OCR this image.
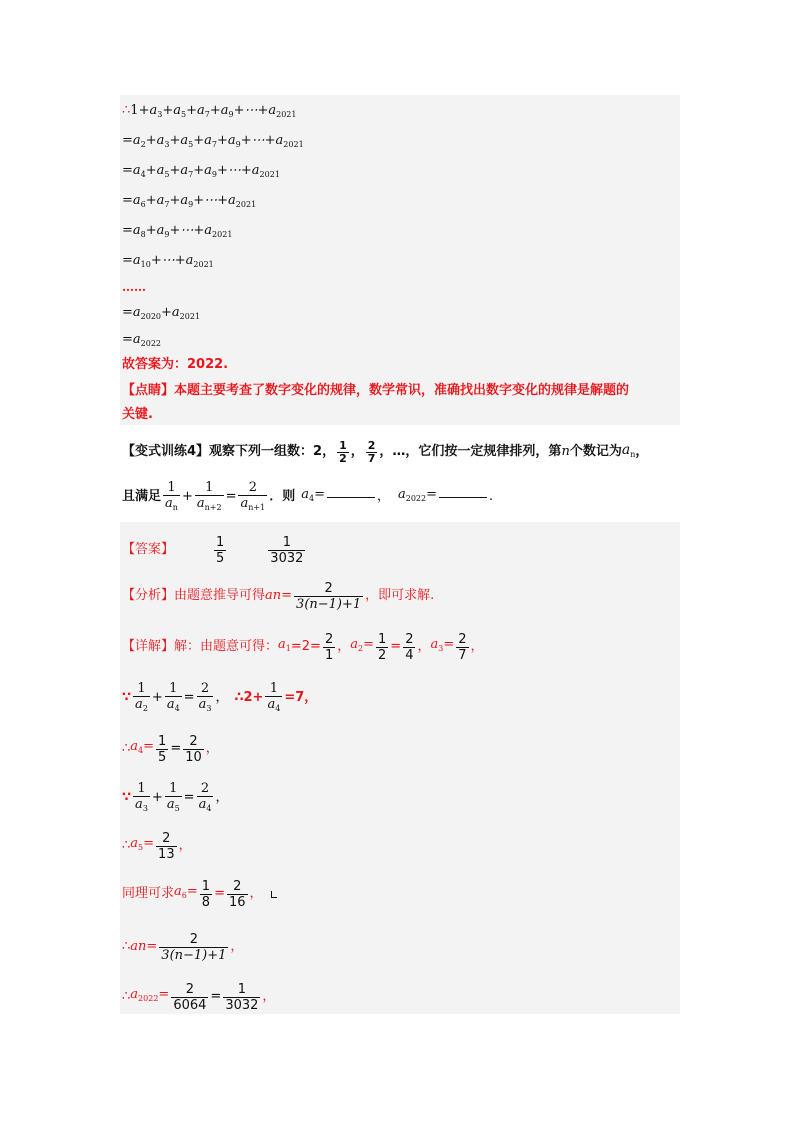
$\therefore 1+a_3+a_5+a_7+a_9+\cdots+a_{2021}$
$=a_2+a_3+a_5+a_7+a_9+\cdots+a_{2021}$
$=a_4+a_5+a_7+a_9+\cdots+a_{2021}$
$=a_6+a_7+a_9+\cdots+a_{2021}$
$=a_8+a_9+\cdots+a_{2021}$
$=a_{10}+\cdots+a_{2021}$
……
$=a_{2020}+a_{2021}$
$=a_{2022}$
故答案为：2022.
【点睛】本题主要考查了数字变化的规律，数学常识，准确找出数字变化的规律是解题的
关键.
【变式训练4】 观察下列一组数：2， $\frac{1}{2}$ ， $\frac{2}{7}$ ，…，它们按一定规律排列，第 n 个数记为 $a_n$ ，
且满足 $\frac{1}{a_n} + \frac{1}{a_{n+2}} = \frac{2}{a_{n+1}}$ ．则 $a_4=$	， $a_{2022}=$	.
【答案】	$\frac{1}{5}$	$\frac{1}{3032}$
【分析】 由题意推导可得 $an= \frac{2}{3(n-1)+1}$ ，即可求解.
【详解】 解：由题意可得： $a_1 =2= \frac{2}{1}$ ， $a_2= \frac{1}{2} = \frac{2}{4}$ ， $a_3= \frac{2}{7}$ ，
∵ $\frac{1}{a_2} + \frac{1}{a_4} = \frac{2}{a_3}$ ， ∴ $2+ \frac{1}{a_4} =7$，
∴ $a_4= \frac{1}{5} = \frac{2}{10}$ ，
∵ $\frac{1}{a_3} + \frac{1}{a_5} = \frac{2}{a_4}$ ，
∴ $a_5= \frac{2}{13}$ ，
同理可求 $a_6= \frac{1}{8} = \frac{2}{16}$ ，
∴ $an= \frac{2}{3(n-1)+1}$ ，
∴ $a_{2022}= \frac{2}{6064} = \frac{1}{3032}$ ，
